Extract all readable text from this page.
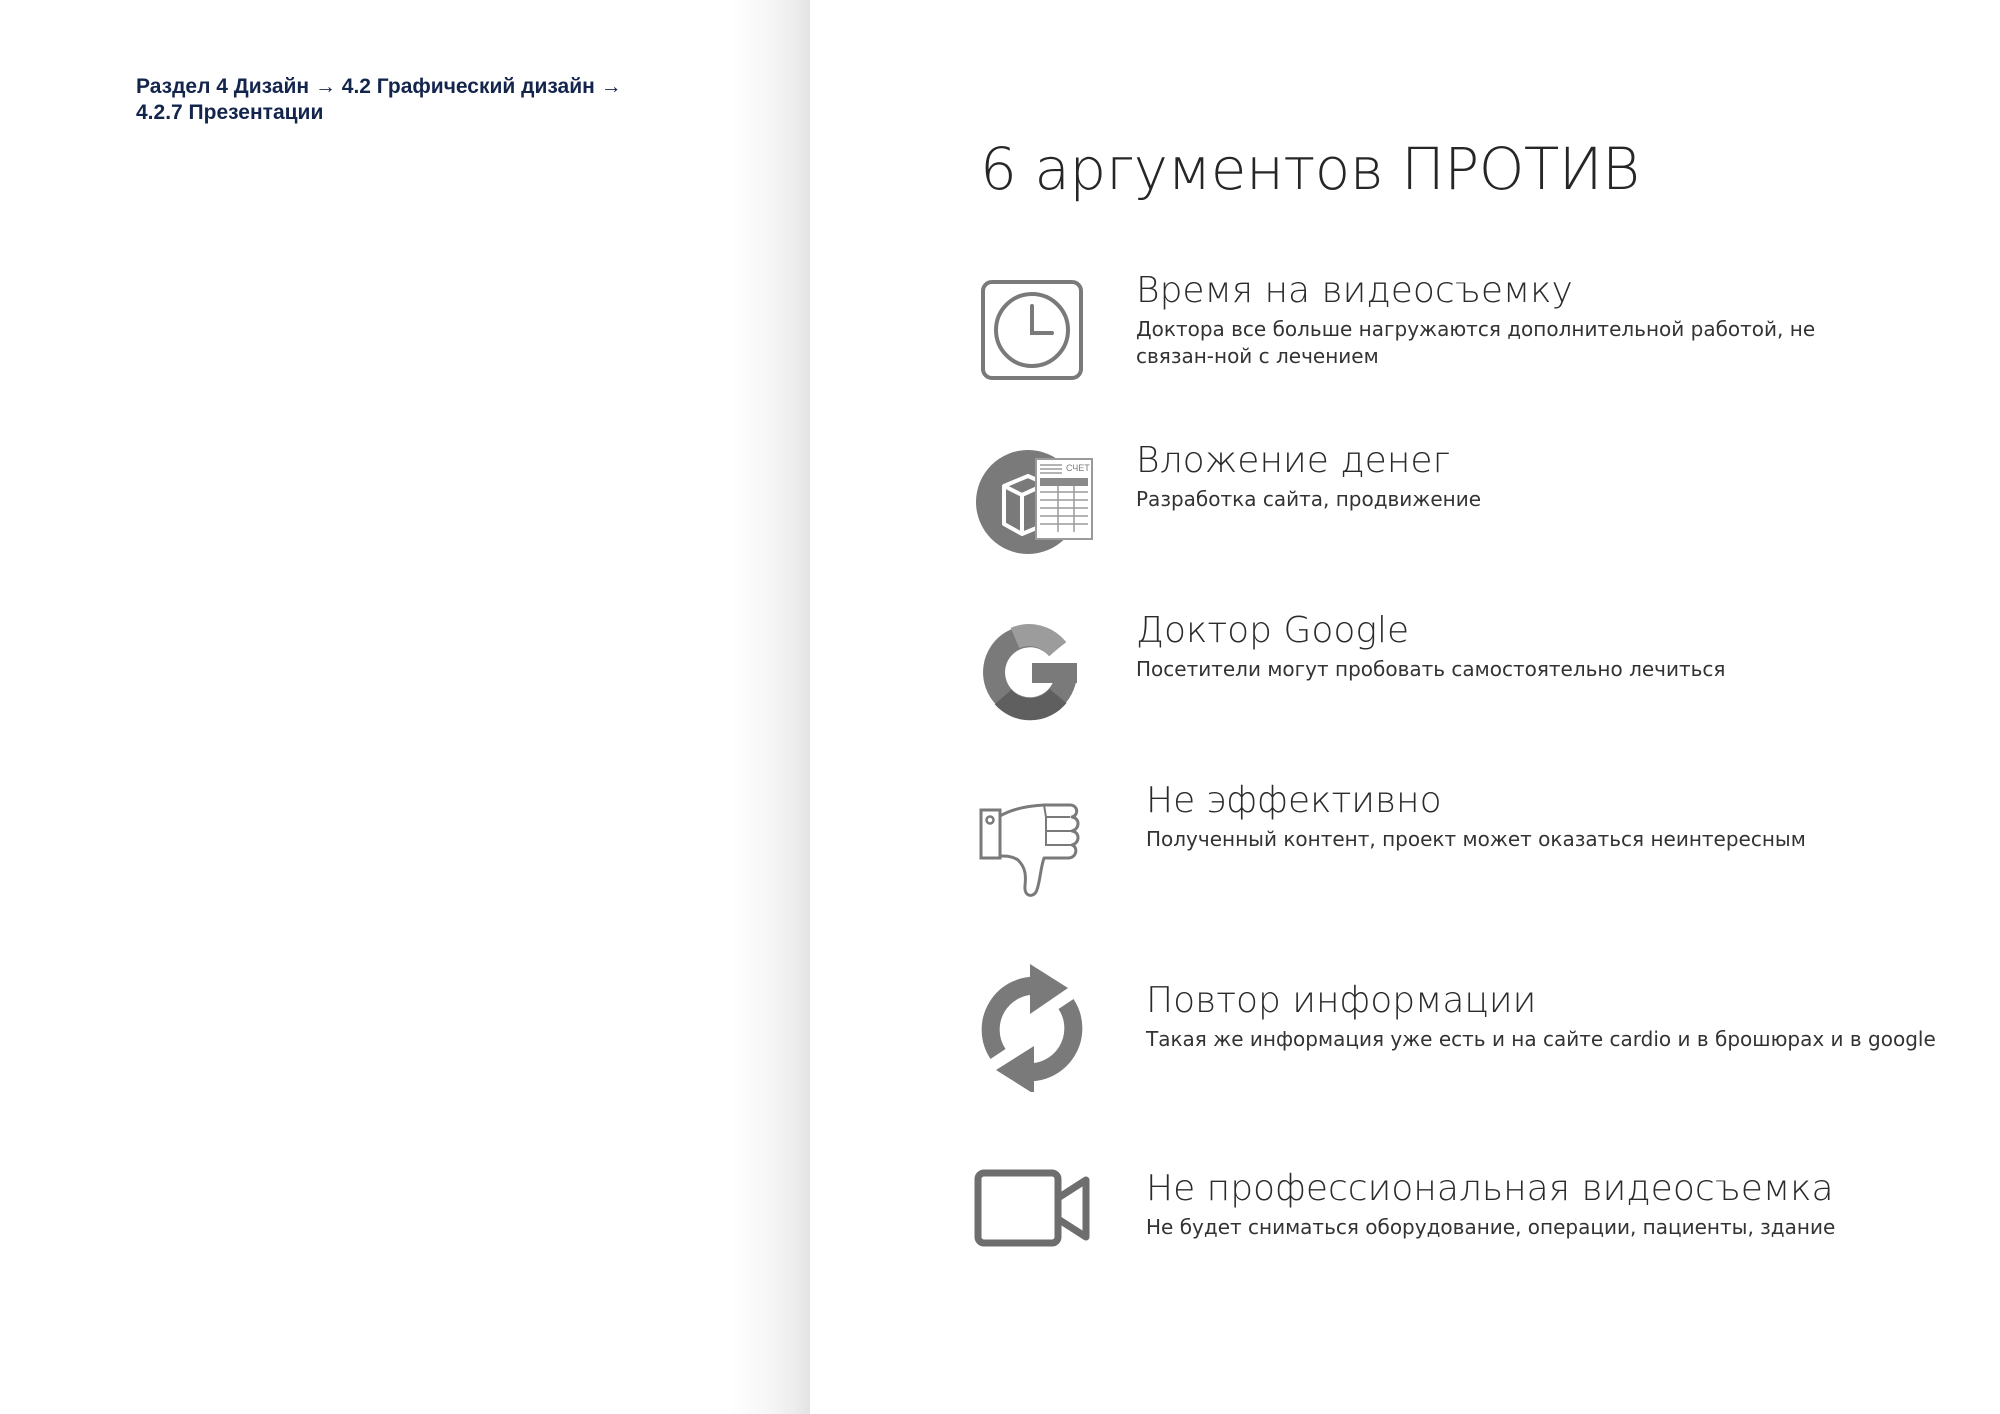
Раздел 4 Дизайн → 4.2 Графический дизайн →
4.2.7 Презентации
6 аргументов ПРОТИВ

Время на видеосъемку

Доктора все больше нагружаются дополнительной работой, не связан-ной с лечением

СЧЕТ Вложение денег

Разработка сайта, продвижение

Доктор Google

Посетители могут пробовать самостоятельно лечиться

Не эффективно

Полученный контент, проект может оказаться неинтересным

Повтор информации

Такая же информация уже есть и на сайте cardio и в брошюрах и в google

Не профессиональная видеосъемка

Не будет сниматься оборудование, операции, пациенты, здание
